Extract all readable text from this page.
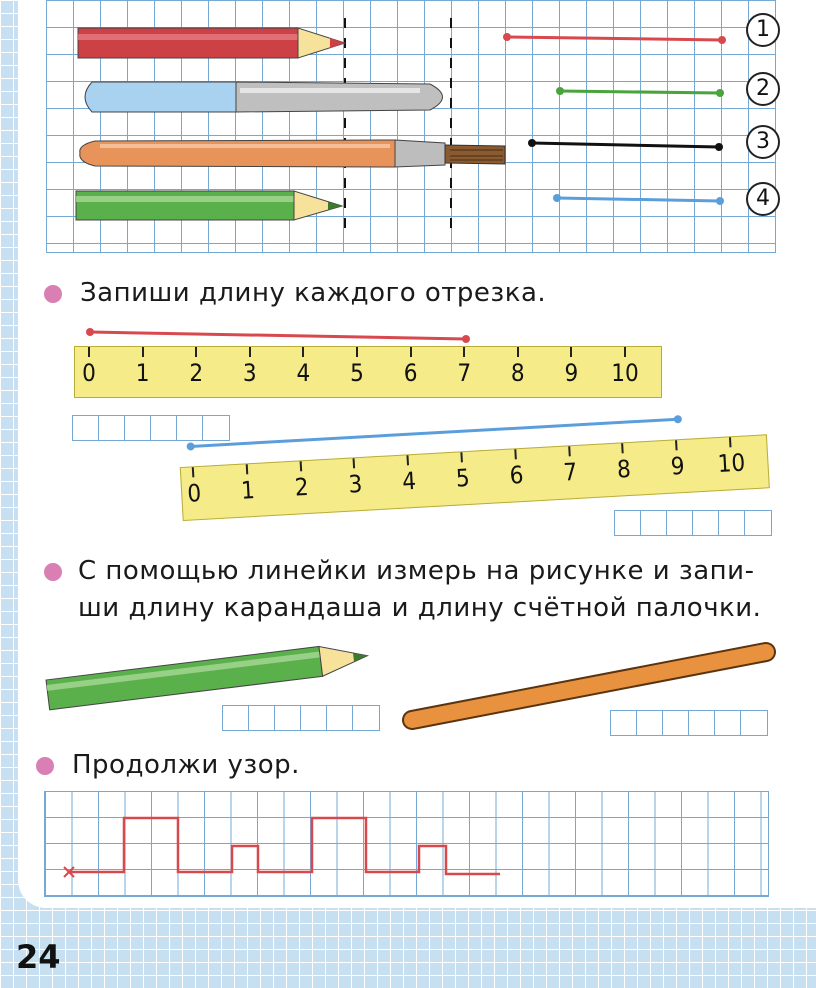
1
2
3
4
Запиши длину каждого отрезка.
0 1 2 3 4 5 6 7 8 9 10
0 1 2 3 4 5 6 7 8 9 10
С помощью линейки измерь на рисунке и запи-
ши длину карандаша и длину счётной палочки.
Продолжи узор.
24
